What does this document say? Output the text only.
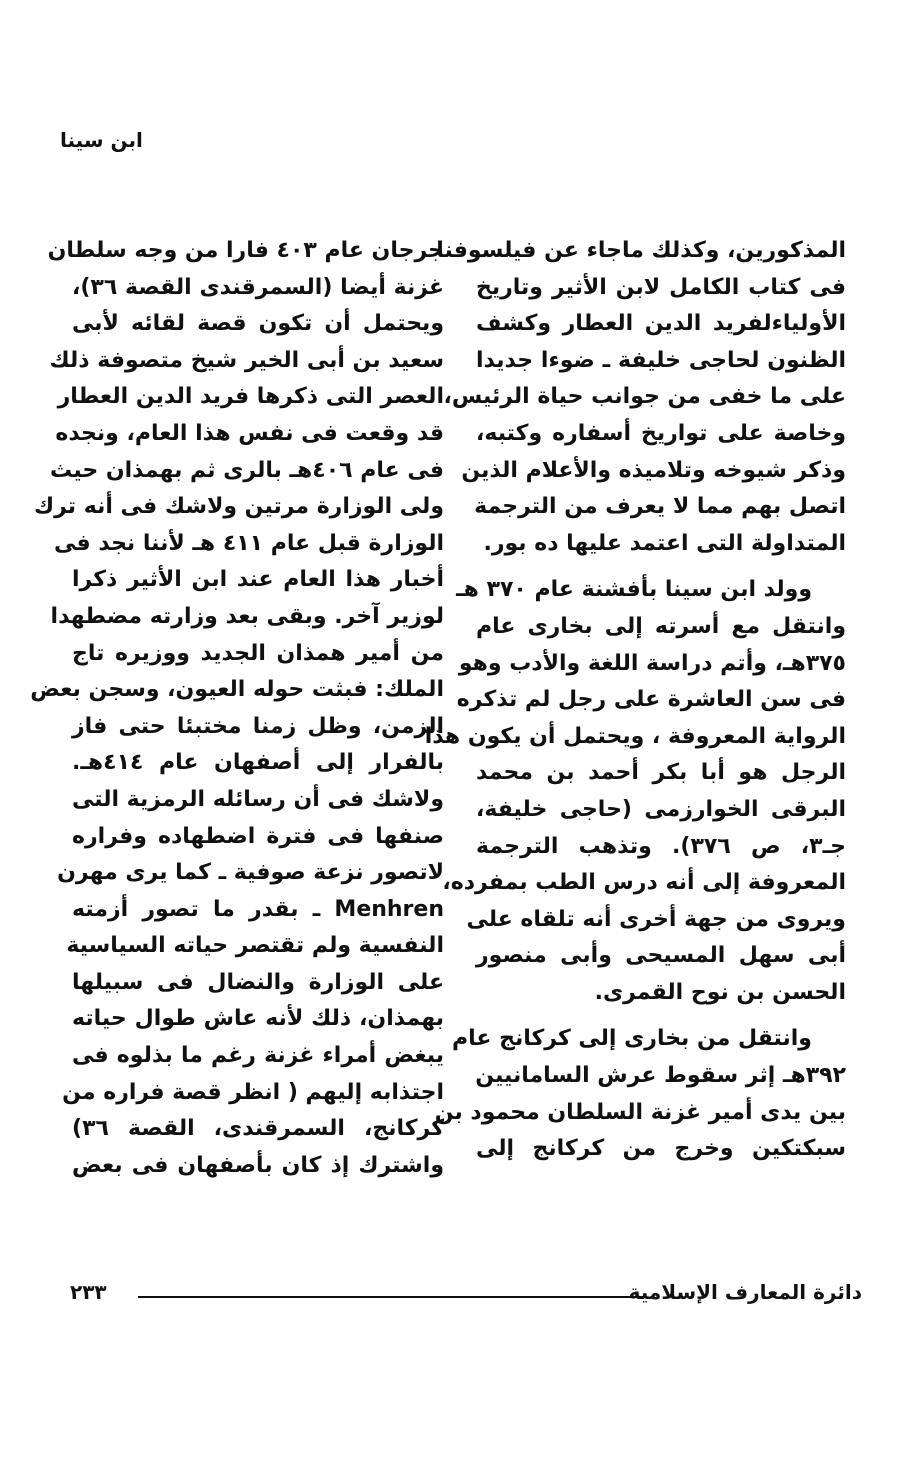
ابن سينا
المذكورين، وكذلك ماجاء عن فيلسوفنا
فى كتاب الكامل لابن الأثير وتاريخ
الأولياءلفريد الدين العطار وكشف
الظنون لحاجى خليفة ـ ضوءا جديدا
على ما خفى من جوانب حياة الرئيس،
وخاصة على تواريخ أسفاره وكتبه،
وذكر شيوخه وتلاميذه والأعلام الذين
اتصل بهم مما لا يعرف من الترجمة
المتداولة التى اعتمد عليها ده بور.
وولد ابن سينا بأفشنة عام ٣٧٠ هـ
وانتقل مع أسرته إلى بخارى عام
٣٧٥هـ، وأتم دراسة اللغة والأدب وهو
فى سن العاشرة على رجل لم تذكره
الرواية المعروفة ، ويحتمل أن يكون هذا
الرجل هو أبا بكر أحمد بن محمد
البرقى الخوارزمى (حاجى خليفة،
جـ٣، ص ٣٧٦). وتذهب الترجمة
المعروفة إلى أنه درس الطب بمفرده،
ويروى من جهة أخرى أنه تلقاه على
أبى سهل المسيحى وأبى منصور
الحسن بن نوح القمرى.
وانتقل من بخارى إلى كركانج عام
٣٩٢هـ إثر سقوط عرش السامانيين
بين يدى أمير غزنة السلطان محمود بن
سبكتكين وخرج من كركانج إلى
جرجان عام ٤٠٣ فارا من وجه سلطان
غزنة أيضا (السمرقندى القصة ٣٦)،
ويحتمل أن تكون قصة لقائه لأبى
سعيد بن أبى الخير شيخ متصوفة ذلك
العصر التى ذكرها فريد الدين العطار
قد وقعت فى نفس هذا العام، ونجده
فى عام ٤٠٦هـ بالرى ثم بهمذان حيث
ولى الوزارة مرتين ولاشك فى أنه ترك
الوزارة قبل عام ٤١١ هـ لأننا نجد فى
أخبار هذا العام عند ابن الأثير ذكرا
لوزير آخر. وبقى بعد وزارته مضطهدا
من أمير همذان الجديد ووزيره تاج
الملك: فبثت حوله العيون، وسجن بعض
الزمن، وظل زمنا مختبئا حتى فاز
بالفرار إلى أصفهان عام ٤١٤هـ.
ولاشك فى أن رسائله الرمزية التى
صنفها فى فترة اضطهاده وفراره
لاتصور نزعة صوفية ـ كما يرى مهرن
Menhren ـ بقدر ما تصور أزمته
النفسية ولم تقتصر حياته السياسية
على الوزارة والنضال فى سبيلها
بهمذان، ذلك لأنه عاش طوال حياته
يبغض أمراء غزنة رغم ما بذلوه فى
اجتذابه إليهم ( انظر قصة فراره من
كركانج، السمرقندى، القصة ٣٦)
واشترك إذ كان بأصفهان فى بعض
دائرة المعارف الإسلامية
٢٣٣
